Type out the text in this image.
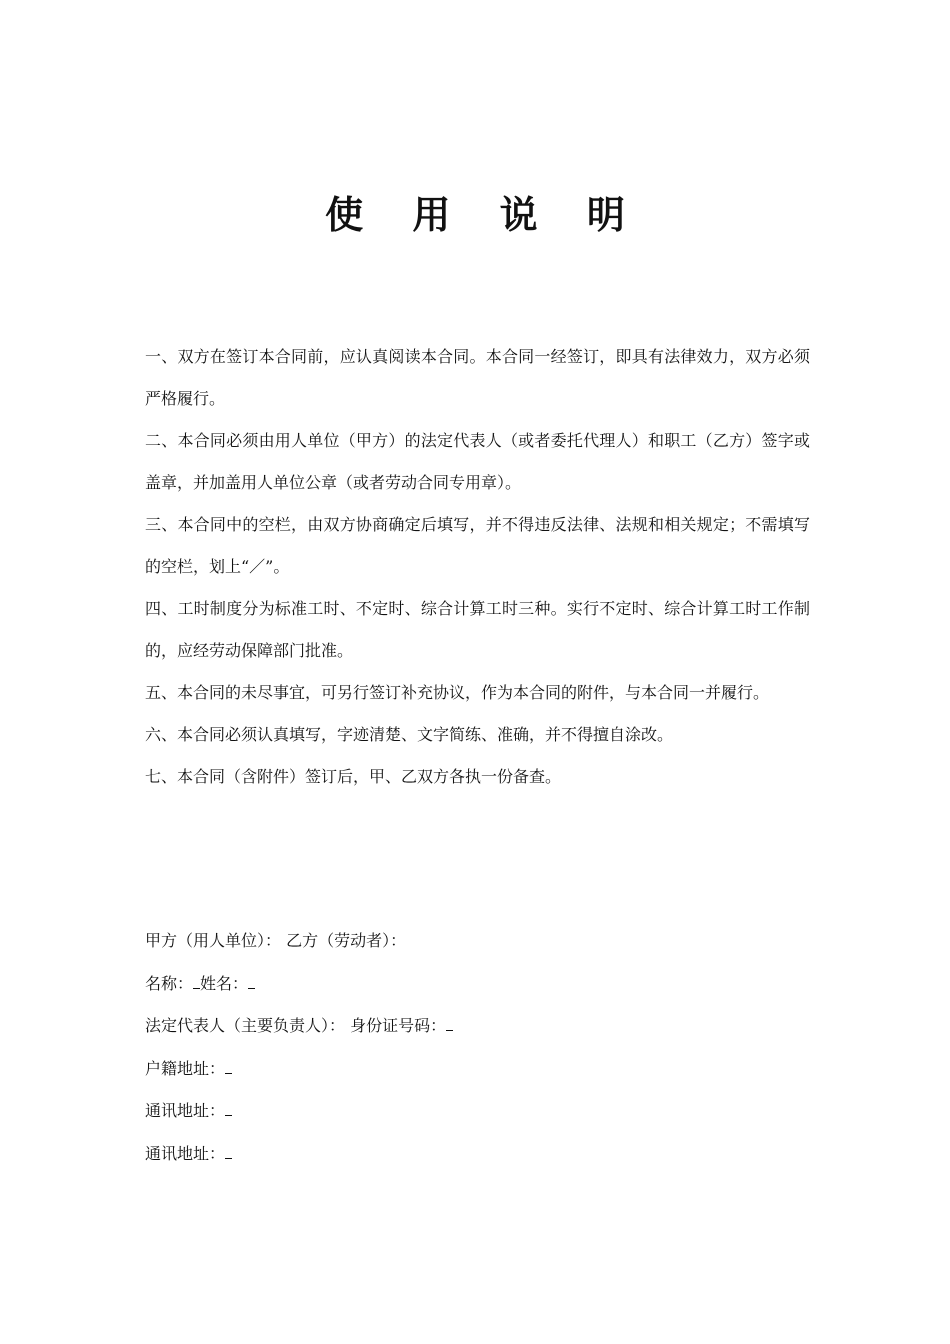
使 用 说 明

一、双方在签订本合同前，应认真阅读本合同。本合同一经签订，即具有法律效力，双方必须严格履行。

二、本合同必须由用人单位（甲方）的法定代表人（或者委托代理人）和职工（乙方）签字或盖章，并加盖用人单位公章（或者劳动合同专用章）。

三、本合同中的空栏，由双方协商确定后填写，并不得违反法律、法规和相关规定；不需填写的空栏，划上“／”。

四、工时制度分为标准工时、不定时、综合计算工时三种。实行不定时、综合计算工时工作制的，应经劳动保障部门批准。

五、本合同的未尽事宜，可另行签订补充协议，作为本合同的附件，与本合同一并履行。

六、本合同必须认真填写，字迹清楚、文字简练、准确，并不得擅自涂改。

七、本合同（含附件）签订后，甲、乙双方各执一份备查。

甲方（用人单位）： 乙方（劳动者）：

名称： 姓名：

法定代表人（主要负责人）： 身份证号码：

户籍地址：

通讯地址：

通讯地址：
